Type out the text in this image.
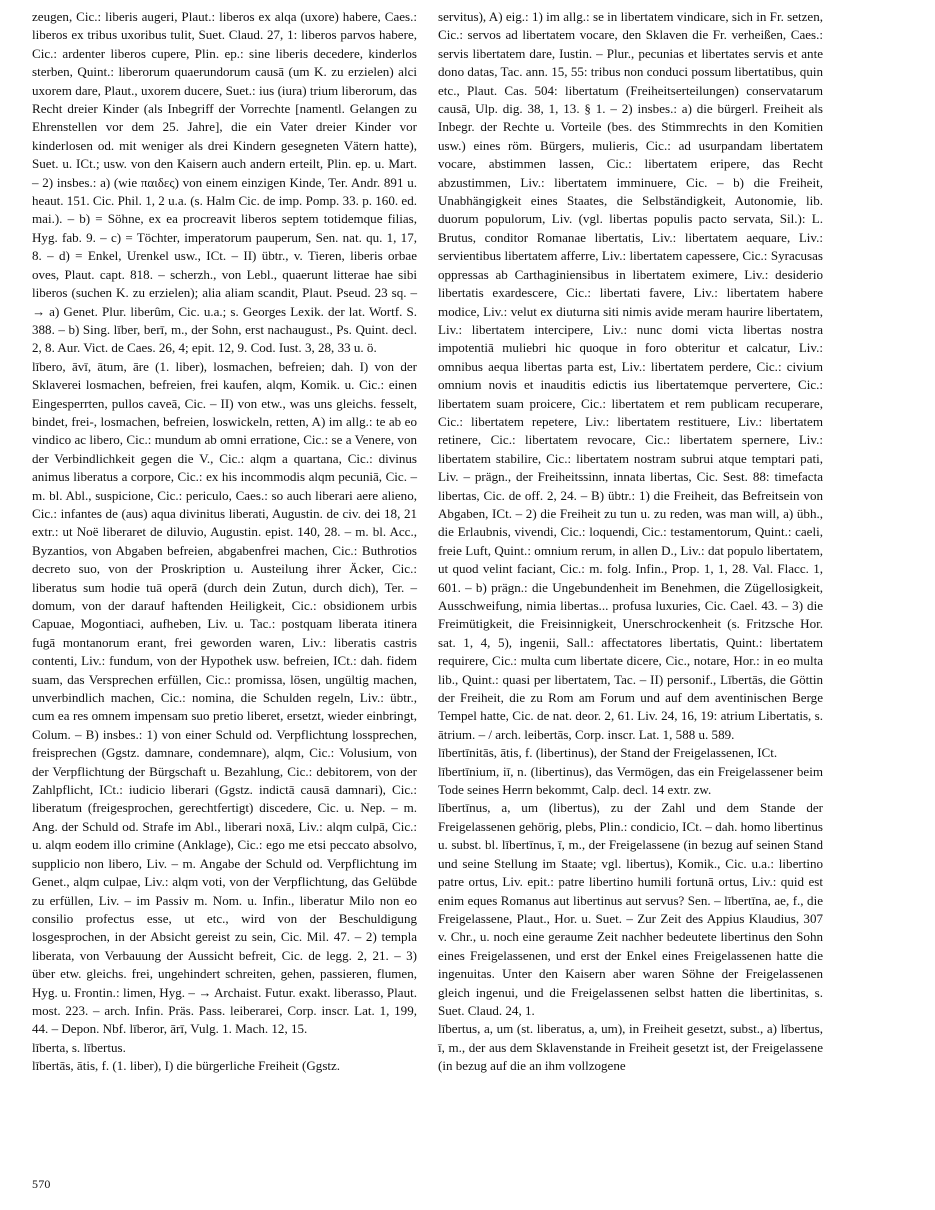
zeugen, Cic.: liberis augeri, Plaut.: liberos ex alqa (uxore) habere, Caes.: liberos ex tribus uxoribus tulit, Suet. Claud. 27, 1: liberos parvos habere, Cic.: ardenter liberos cupere, Plin. ep.: sine liberis decedere, kinderlos sterben, Quint.: liberorum quaerundorum causā (um K. zu erzielen) alci uxorem dare, Plaut., uxorem ducere, Suet.: ius (iura) trium liberorum, das Recht dreier Kinder (als Inbegriff der Vorrechte [namentl. Gelangen zu Ehrenstellen vor dem 25. Jahre], die ein Vater dreier Kinder vor kinderlosen od. mit weniger als drei Kindern gesegneten Vätern hatte), Suet. u. ICt.; usw. von den Kaisern auch andern erteilt, Plin. ep. u. Mart. – 2) insbes.: a) (wie παιδες) von einem einzigen Kinde, Ter. Andr. 891 u. heaut. 151. Cic. Phil. 1, 2 u.a. (s. Halm Cic. de imp. Pomp. 33. p. 160. ed. mai.). – b) = Söhne, ex ea procreavit liberos septem totidemque filias, Hyg. fab. 9. – c) = Töchter, imperatorum pauperum, Sen. nat. qu. 1, 17, 8. – d) = Enkel, Urenkel usw., ICt. – II) übtr., v. Tieren, liberis orbae oves, Plaut. capt. 818. – scherzh., von Lebl., quaerunt litterae hae sibi liberos (suchen K. zu erzielen); alia aliam scandit, Plaut. Pseud. 23 sq. – → a) Genet. Plur. liberûm, Cic. u.a.; s. Georges Lexik. der lat. Wortf. S. 388. – b) Sing. līber, berī, m., der Sohn, erst nachaugust., Ps. Quint. decl. 2, 8. Aur. Vict. de Caes. 26, 4; epit. 12, 9. Cod. Iust. 3, 28, 33 u. ö.

lībero, āvī, ātum, āre (1. liber), losmachen, befreien; dah. I) von der Sklaverei losmachen, befreien, frei kaufen, alqm, Komik. u. Cic.: einen Eingesperrten, pullos caveā, Cic. – II) von etw., was uns gleichs. fesselt, bindet, frei-, losmachen, befreien, loswickeln, retten, A) im allg.: te ab eo vindico ac libero, Cic.: mundum ab omni erratione, Cic.: se a Venere, von der Verbindlichkeit gegen die V., Cic.: alqm a quartana, Cic.: divinus animus liberatus a corpore, Cic.: ex his incommodis alqm pecuniā, Cic. – m. bl. Abl., suspicione, Cic.: periculo, Caes.: so auch liberari aere alieno, Cic.: infantes de (aus) aqua divinitus liberati, Augustin. de civ. dei 18, 21 extr.: ut Noë liberaret de diluvio, Augustin. epist. 140, 28. – m. bl. Acc., Byzantios, von Abgaben befreien, abgabenfrei machen, Cic.: Buthrotios decreto suo, von der Proskription u. Austeilung ihrer Äcker, Cic.: liberatus sum hodie tuā operā (durch dein Zutun, durch dich), Ter. – domum, von der darauf haftenden Heiligkeit, Cic.: obsidionem urbis Capuae, Mogontiaci, aufheben, Liv. u. Tac.: postquam liberata itinera fugā montanorum erant, frei geworden waren, Liv.: liberatis castris contenti, Liv.: fundum, von der Hypothek usw. befreien, ICt.: dah. fidem suam, das Versprechen erfüllen, Cic.: promissa, lösen, ungültig machen, unverbindlich machen, Cic.: nomina, die Schulden regeln, Liv.: übtr., cum ea res omnem impensam suo pretio liberet, ersetzt, wieder einbringt, Colum. – B) insbes.: 1) von einer Schuld od. Verpflichtung lossprechen, freisprechen (Ggstz. damnare, condemnare), alqm, Cic.: Volusium, von der Verpflichtung der Bürgschaft u. Bezahlung, Cic.: debitorem, von der Zahlpflicht, ICt.: iudicio liberari (Ggstz. indictā causā damnari), Cic.: liberatum (freigesprochen, gerechtfertigt) discedere, Cic. u. Nep. – m. Ang. der Schuld od. Strafe im Abl., liberari noxā, Liv.: alqm culpā, Cic.: u. alqm eodem illo crimine (Anklage), Cic.: ego me etsi peccato absolvo, supplicio non libero, Liv. – m. Angabe der Schuld od. Verpflichtung im Genet., alqm culpae, Liv.: alqm voti, von der Verpflichtung, das Gelübde zu erfüllen, Liv. – im Passiv m. Nom. u. Infin., liberatur Milo non eo consilio profectus esse, ut etc., wird von der Beschuldigung losgesprochen, in der Absicht gereist zu sein, Cic. Mil. 47. – 2) templa liberata, von Verbauung der Aussicht befreit, Cic. de legg. 2, 21. – 3) über etw. gleichs. frei, ungehindert schreiten, gehen, passieren, flumen, Hyg. u. Frontin.: limen, Hyg. – → Archaist. Futur. exakt. liberasso, Plaut. most. 223. – arch. Infin. Präs. Pass. leiberarei, Corp. inscr. Lat. 1, 199, 44. – Depon. Nbf. līberor, ārī, Vulg. 1. Mach. 12, 15.

līberta, s. lībertus.

lībertās, ātis, f. (1. liber), I) die bürgerliche Freiheit (Ggstz.

servitus), A) eig.: 1) im allg.: se in libertatem vindicare, sich in Fr. setzen, Cic.: servos ad libertatem vocare, den Sklaven die Fr. verheißen, Caes.: servis libertatem dare, Iustin. – Plur., pecunias et libertates servis et ante dono datas, Tac. ann. 15, 55: tribus non conduci possum libertatibus, quin etc., Plaut. Cas. 504: libertatum (Freiheitserteilungen) conservatarum causā, Ulp. dig. 38, 1, 13. § 1. – 2) insbes.: a) die bürgerl. Freiheit als Inbegr. der Rechte u. Vorteile (bes. des Stimmrechts in den Komitien usw.) eines röm. Bürgers, mulieris, Cic.: ad usurpandam libertatem vocare, abstimmen lassen, Cic.: libertatem eripere, das Recht abzustimmen, Liv.: libertatem imminuere, Cic. – b) die Freiheit, Unabhängigkeit eines Staates, die Selbständigkeit, Autonomie, lib. duorum populorum, Liv. (vgl. libertas populis pacto servata, Sil.): L. Brutus, conditor Romanae libertatis, Liv.: libertatem aequare, Liv.: servientibus libertatem afferre, Liv.: libertatem capessere, Cic.: Syracusas oppressas ab Carthaginiensibus in libertatem eximere, Liv.: desiderio libertatis exardescere, Cic.: libertati favere, Liv.: libertatem habere modice, Liv.: velut ex diuturna siti nimis avide meram haurire libertatem, Liv.: libertatem intercipere, Liv.: nunc domi victa libertas nostra impotentiā muliebri hic quoque in foro obteritur et calcatur, Liv.: omnibus aequa libertas parta est, Liv.: libertatem perdere, Cic.: civium omnium novis et inauditis edictis ius libertatemque pervertere, Cic.: libertatem suam proicere, Cic.: libertatem et rem publicam recuperare, Cic.: libertatem repetere, Liv.: libertatem restituere, Liv.: libertatem retinere, Cic.: libertatem revocare, Cic.: libertatem spernere, Liv.: libertatem stabilire, Cic.: libertatem nostram subrui atque temptari pati, Liv. – prägn., der Freiheitssinn, innata libertas, Cic. Sest. 88: timefacta libertas, Cic. de off. 2, 24. – B) übtr.: 1) die Freiheit, das Befreitsein von Abgaben, ICt. – 2) die Freiheit zu tun u. zu reden, was man will, a) übh., die Erlaubnis, vivendi, Cic.: loquendi, Cic.: testamentorum, Quint.: caeli, freie Luft, Quint.: omnium rerum, in allen D., Liv.: dat populo libertatem, ut quod velint faciant, Cic.: m. folg. Infin., Prop. 1, 1, 28. Val. Flacc. 1, 601. – b) prägn.: die Ungebundenheit im Benehmen, die Zügellosigkeit, Ausschweifung, nimia libertas... profusa luxuries, Cic. Cael. 43. – 3) die Freimütigkeit, die Freisinnigkeit, Unerschrockenheit (s. Fritzsche Hor. sat. 1, 4, 5), ingenii, Sall.: affectatores libertatis, Quint.: libertatem requirere, Cic.: multa cum libertate dicere, Cic., notare, Hor.: in eo multa lib., Quint.: quasi per libertatem, Tac. – II) personif., Lībertās, die Göttin der Freiheit, die zu Rom am Forum und auf dem aventinischen Berge Tempel hatte, Cic. de nat. deor. 2, 61. Liv. 24, 16, 19: atrium Libertatis, s. ātrium. – / arch. leibertās, Corp. inscr. Lat. 1, 588 u. 589.

lībertīnitās, ātis, f. (libertinus), der Stand der Freigelassenen, ICt.

lībertīnium, iī, n. (libertinus), das Vermögen, das ein Freigelassener beim Tode seines Herrn bekommt, Calp. decl. 14 extr. zw.

lībertīnus, a, um (libertus), zu der Zahl und dem Stande der Freigelassenen gehörig, plebs, Plin.: condicio, ICt. – dah. homo libertinus u. subst. bl. lībertīnus, ī, m., der Freigelassene (in bezug auf seinen Stand und seine Stellung im Staate; vgl. libertus), Komik., Cic. u.a.: libertino patre ortus, Liv. epit.: patre libertino humili fortunā ortus, Liv.: quid est enim eques Romanus aut libertinus aut servus? Sen. – lībertīna, ae, f., die Freigelassene, Plaut., Hor. u. Suet. – Zur Zeit des Appius Klaudius, 307 v. Chr., u. noch eine geraume Zeit nachher bedeutete libertinus den Sohn eines Freigelassenen, und erst der Enkel eines Freigelassenen hatte die ingenuitas. Unter den Kaisern aber waren Söhne der Freigelassenen gleich ingenui, und die Freigelassenen selbst hatten die libertinitas, s. Suet. Claud. 24, 1.

lībertus, a, um (st. liberatus, a, um), in Freiheit gesetzt, subst., a) lībertus, ī, m., der aus dem Sklavenstande in Freiheit gesetzt ist, der Freigelassene (in bezug auf die an ihm vollzogene

570
